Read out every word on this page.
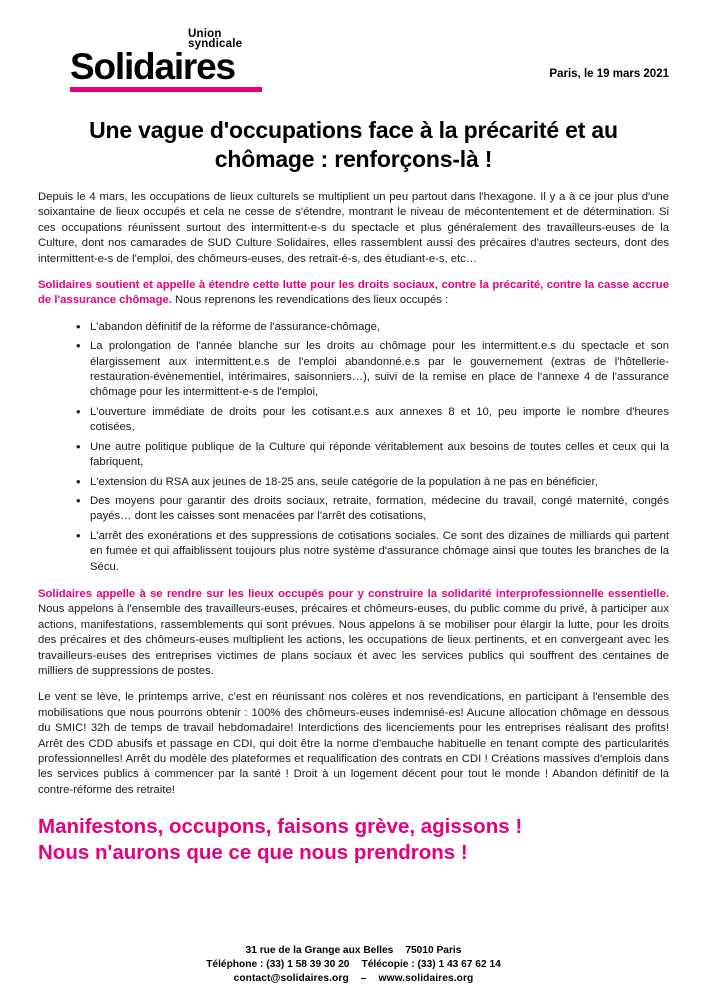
Union
syndicale
Solidaires	Paris, le 19 mars 2021
Une vague d'occupations face à la précarité et au chômage : renforçons-là !

Depuis le 4 mars, les occupations de lieux culturels se multiplient un peu partout dans l'hexagone. Il y a à ce jour plus d'une soixantaine de lieux occupés et cela ne cesse de s'étendre, montrant le niveau de mécontentement et de détermination. Si ces occupations réunissent surtout des intermittent-e-s du spectacle et plus généralement des travailleurs-euses de la Culture, dont nos camarades de SUD Culture Solidaires, elles rassemblent aussi des précaires d'autres secteurs, dont des intermittent-e-s de l'emploi, des chômeurs-euses, des retrait-é-s, des étudiant-e-s, etc…

Solidaires soutient et appelle à étendre cette lutte pour les droits sociaux, contre la précarité, contre la casse accrue de l'assurance chômage. Nous reprenons les revendications des lieux occupés :

• L'abandon définitif de la réforme de l'assurance-chômage,
• La prolongation de l'année blanche sur les droits au chômage pour les intermittent.e.s du spectacle et son élargissement aux intermittent.e.s de l'emploi abandonné.e.s par le gouvernement (extras de l'hôtellerie-restauration-évènementiel, intérimaires, saisonniers…), suivi de la remise en place de l'annexe 4 de l'assurance chômage pour les intermittent-e-s de l'emploi,
• L'ouverture immédiate de droits pour les cotisant.e.s aux annexes 8 et 10, peu importe le nombre d'heures cotisées,
• Une autre politique publique de la Culture qui réponde véritablement aux besoins de toutes celles et ceux qui la fabriquent,
• L'extension du RSA aux jeunes de 18-25 ans, seule catégorie de la population à ne pas en bénéficier,
• Des moyens pour garantir des droits sociaux, retraite, formation, médecine du travail, congé maternité, congés payés… dont les caisses sont menacées par l'arrêt des cotisations,
• L'arrêt des exonérations et des suppressions de cotisations sociales. Ce sont des dizaines de milliards qui partent en fumée et qui affaiblissent toujours plus notre système d'assurance chômage ainsi que toutes les branches de la Sécu.

Solidaires appelle à se rendre sur les lieux occupés pour y construire la solidarité interprofessionnelle essentielle. Nous appelons à l'ensemble des travailleurs-euses, précaires et chômeurs-euses, du public comme du privé, à participer aux actions, manifestations, rassemblements qui sont prévues. Nous appelons à se mobiliser pour élargir la lutte, pour les droits des précaires et des chômeurs-euses multiplient les actions, les occupations de lieux pertinents, et en convergeant avec les travailleurs-euses des entreprises victimes de plans sociaux et avec les services publics qui souffrent des centaines de milliers de suppressions de postes.

Le vent se lève, le printemps arrive, c'est en réunissant nos colères et nos revendications, en participant à l'ensemble des mobilisations que nous pourrons obtenir : 100% des chômeurs-euses indemnisé-es! Aucune allocation chômage en dessous du SMIC! 32h de temps de travail hebdomadaire! Interdictions des licenciements pour les entreprises réalisant des profits! Arrêt des CDD abusifs et passage en CDI, qui doit être la norme d'embauche habituelle en tenant compte des particularités professionnelles! Arrêt du modèle des plateformes et requalification des contrats en CDI ! Créations massives d'emplois dans les services publics à commencer par la santé ! Droit à un logement décent pour tout le monde ! Abandon définitif de la contre-réforme des retraite!

Manifestons, occupons, faisons grève, agissons !
Nous n'aurons que ce que nous prendrons !
31 rue de la Grange aux Belles 75010 Paris
Téléphone : (33) 1 58 39 30 20 Télécopie : (33) 1 43 67 62 14
contact@solidaires.org – www.solidaires.org
